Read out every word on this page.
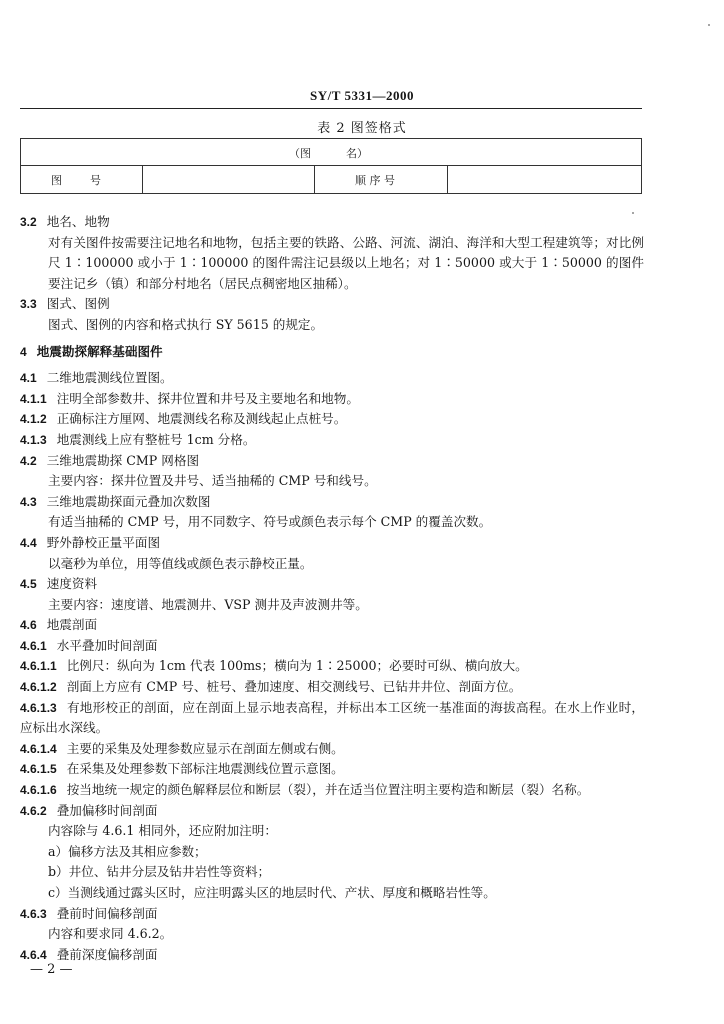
SY/T 5331—2000
表 2 图签格式
（图          名）
图        号	顺 序 号
3.2 地名、地物
对有关图件按需要注记地名和地物，包括主要的铁路、公路、河流、湖泊、海洋和大型工程建筑等；对比例尺 1∶100000 或小于 1∶100000 的图件需注记县级以上地名；对 1∶50000 或大于 1∶50000 的图件要注记乡（镇）和部分村地名（居民点稠密地区抽稀）。
3.3 图式、图例
图式、图例的内容和格式执行 SY 5615 的规定。
4 地震勘探解释基础图件
4.1 二维地震测线位置图。
4.1.1 注明全部参数井、探井位置和井号及主要地名和地物。
4.1.2 正确标注方厘网、地震测线名称及测线起止点桩号。
4.1.3 地震测线上应有整桩号 1cm 分格。
4.2 三维地震勘探 CMP 网格图
主要内容：探井位置及井号、适当抽稀的 CMP 号和线号。
4.3 三维地震勘探面元叠加次数图
有适当抽稀的 CMP 号，用不同数字、符号或颜色表示每个 CMP 的覆盖次数。
4.4 野外静校正量平面图
以毫秒为单位，用等值线或颜色表示静校正量。
4.5 速度资料
主要内容：速度谱、地震测井、VSP 测井及声波测井等。
4.6 地震剖面
4.6.1 水平叠加时间剖面
4.6.1.1 比例尺：纵向为 1cm 代表 100ms；横向为 1∶25000；必要时可纵、横向放大。
4.6.1.2 剖面上方应有 CMP 号、桩号、叠加速度、相交测线号、已钻井井位、剖面方位。
4.6.1.3 有地形校正的剖面，应在剖面上显示地表高程，并标出本工区统一基准面的海拔高程。在水上作业时，应标出水深线。
4.6.1.4 主要的采集及处理参数应显示在剖面左侧或右侧。
4.6.1.5 在采集及处理参数下部标注地震测线位置示意图。
4.6.1.6 按当地统一规定的颜色解释层位和断层（裂），并在适当位置注明主要构造和断层（裂）名称。
4.6.2 叠加偏移时间剖面
内容除与 4.6.1 相同外，还应附加注明：
a）偏移方法及其相应参数；
b）井位、钻井分层及钻井岩性等资料；
c）当测线通过露头区时，应注明露头区的地层时代、产状、厚度和概略岩性等。
4.6.3 叠前时间偏移剖面
内容和要求同 4.6.2。
4.6.4 叠前深度偏移剖面
— 2 —
